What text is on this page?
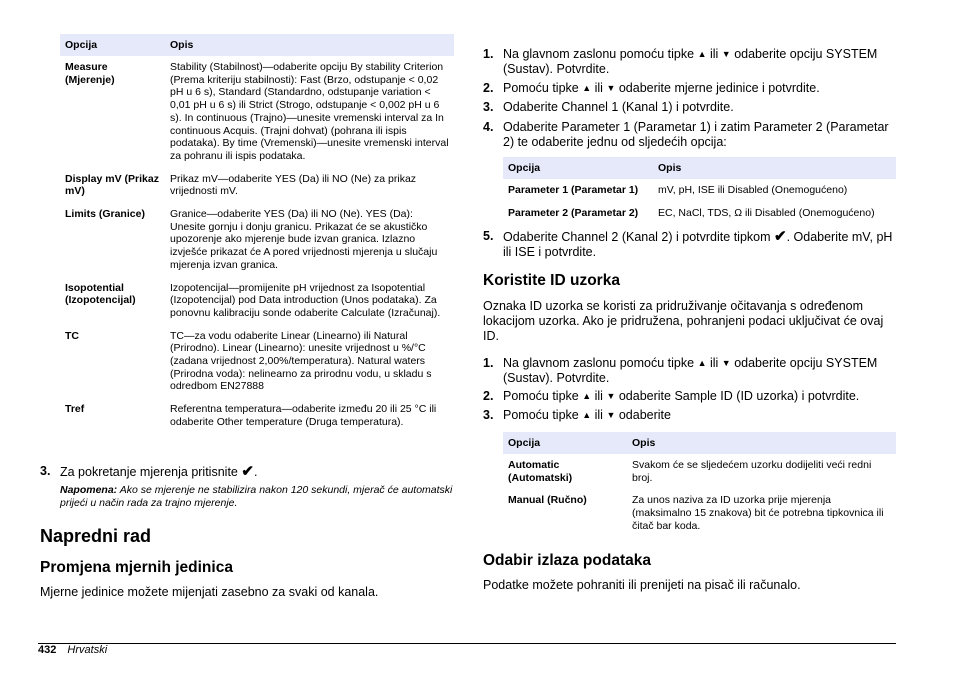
Opcija	Opis
Measure (Mjerenje)	Stability (Stabilnost)—odaberite opciju By stability Criterion (Prema kriteriju stabilnosti): Fast (Brzo, odstupanje < 0,02 pH u 6 s), Standard (Standardno, odstupanje variation < 0,01 pH u 6 s) ili Strict (Strogo, odstupanje < 0,002 pH u 6 s). In continuous (Trajno)—unesite vremenski interval za In continuous Acquis. (Trajni dohvat) (pohrana ili ispis podataka). By time (Vremenski)—unesite vremenski interval za pohranu ili ispis podataka.
Display mV (Prikaz mV)	Prikaz mV—odaberite YES (Da) ili NO (Ne) za prikaz vrijednosti mV.
Limits (Granice)	Granice—odaberite YES (Da) ili NO (Ne). YES (Da): Unesite gornju i donju granicu. Prikazat će se akustičko upozorenje ako mjerenje bude izvan granica. Izlazno izvješće prikazat će A pored vrijednosti mjerenja u slučaju mjerenja izvan granica.
Isopotential (Izopotencijal)	Izopotencijal—promijenite pH vrijednost za Isopotential (Izopotencijal) pod Data introduction (Unos podataka). Za ponovnu kalibraciju sonde odaberite Calculate (Izračunaj).
TC	TC—za vodu odaberite Linear (Linearno) ili Natural (Prirodno). Linear (Linearno): unesite vrijednost u %/°C (zadana vrijednost 2,00%/temperatura). Natural waters (Prirodna voda): nelinearno za prirodnu vodu, u skladu s odredbom EN27888
Tref	Referentna temperatura—odaberite između 20 ili 25 °C ili odaberite Other temperature (Druga temperatura).
3. Za pokretanje mjerenja pritisnite ✔.
Napomena: Ako se mjerenje ne stabilizira nakon 120 sekundi, mjerač će automatski prijeći u način rada za trajno mjerenje.
Napredni rad
Promjena mjernih jedinica
Mjerne jedinice možete mijenjati zasebno za svaki od kanala.
1. Na glavnom zaslonu pomoću tipke ▲ ili ▼ odaberite opciju SYSTEM (Sustav). Potvrdite.
2. Pomoću tipke ▲ ili ▼ odaberite mjerne jedinice i potvrdite.
3. Odaberite Channel 1 (Kanal 1) i potvrdite.
4. Odaberite Parameter 1 (Parametar 1) i zatim Parameter 2 (Parametar 2) te odaberite jednu od sljedećih opcija:
Opcija	Opis
Parameter 1 (Parametar 1)	mV, pH, ISE ili Disabled (Onemogućeno)
Parameter 2 (Parametar 2)	EC, NaCl, TDS, Ω ili Disabled (Onemogućeno)
5. Odaberite Channel 2 (Kanal 2) i potvrdite tipkom ✔. Odaberite mV, pH ili ISE i potvrdite.
Koristite ID uzorka
Oznaka ID uzorka se koristi za pridruživanje očitavanja s određenom lokacijom uzorka. Ako je pridružena, pohranjeni podaci uključivat će ovaj ID.
1. Na glavnom zaslonu pomoću tipke ▲ ili ▼ odaberite opciju SYSTEM (Sustav). Potvrdite.
2. Pomoću tipke ▲ ili ▼ odaberite Sample ID (ID uzorka) i potvrdite.
3. Pomoću tipke ▲ ili ▼ odaberite
Opcija	Opis
Automatic (Automatski)	Svakom će se sljedećem uzorku dodijeliti veći redni broj.
Manual (Ručno)	Za unos naziva za ID uzorka prije mjerenja (maksimalno 15 znakova) bit će potrebna tipkovnica ili čitač bar koda.
Odabir izlaza podataka
Podatke možete pohraniti ili prenijeti na pisač ili računalo.
432 Hrvatski
